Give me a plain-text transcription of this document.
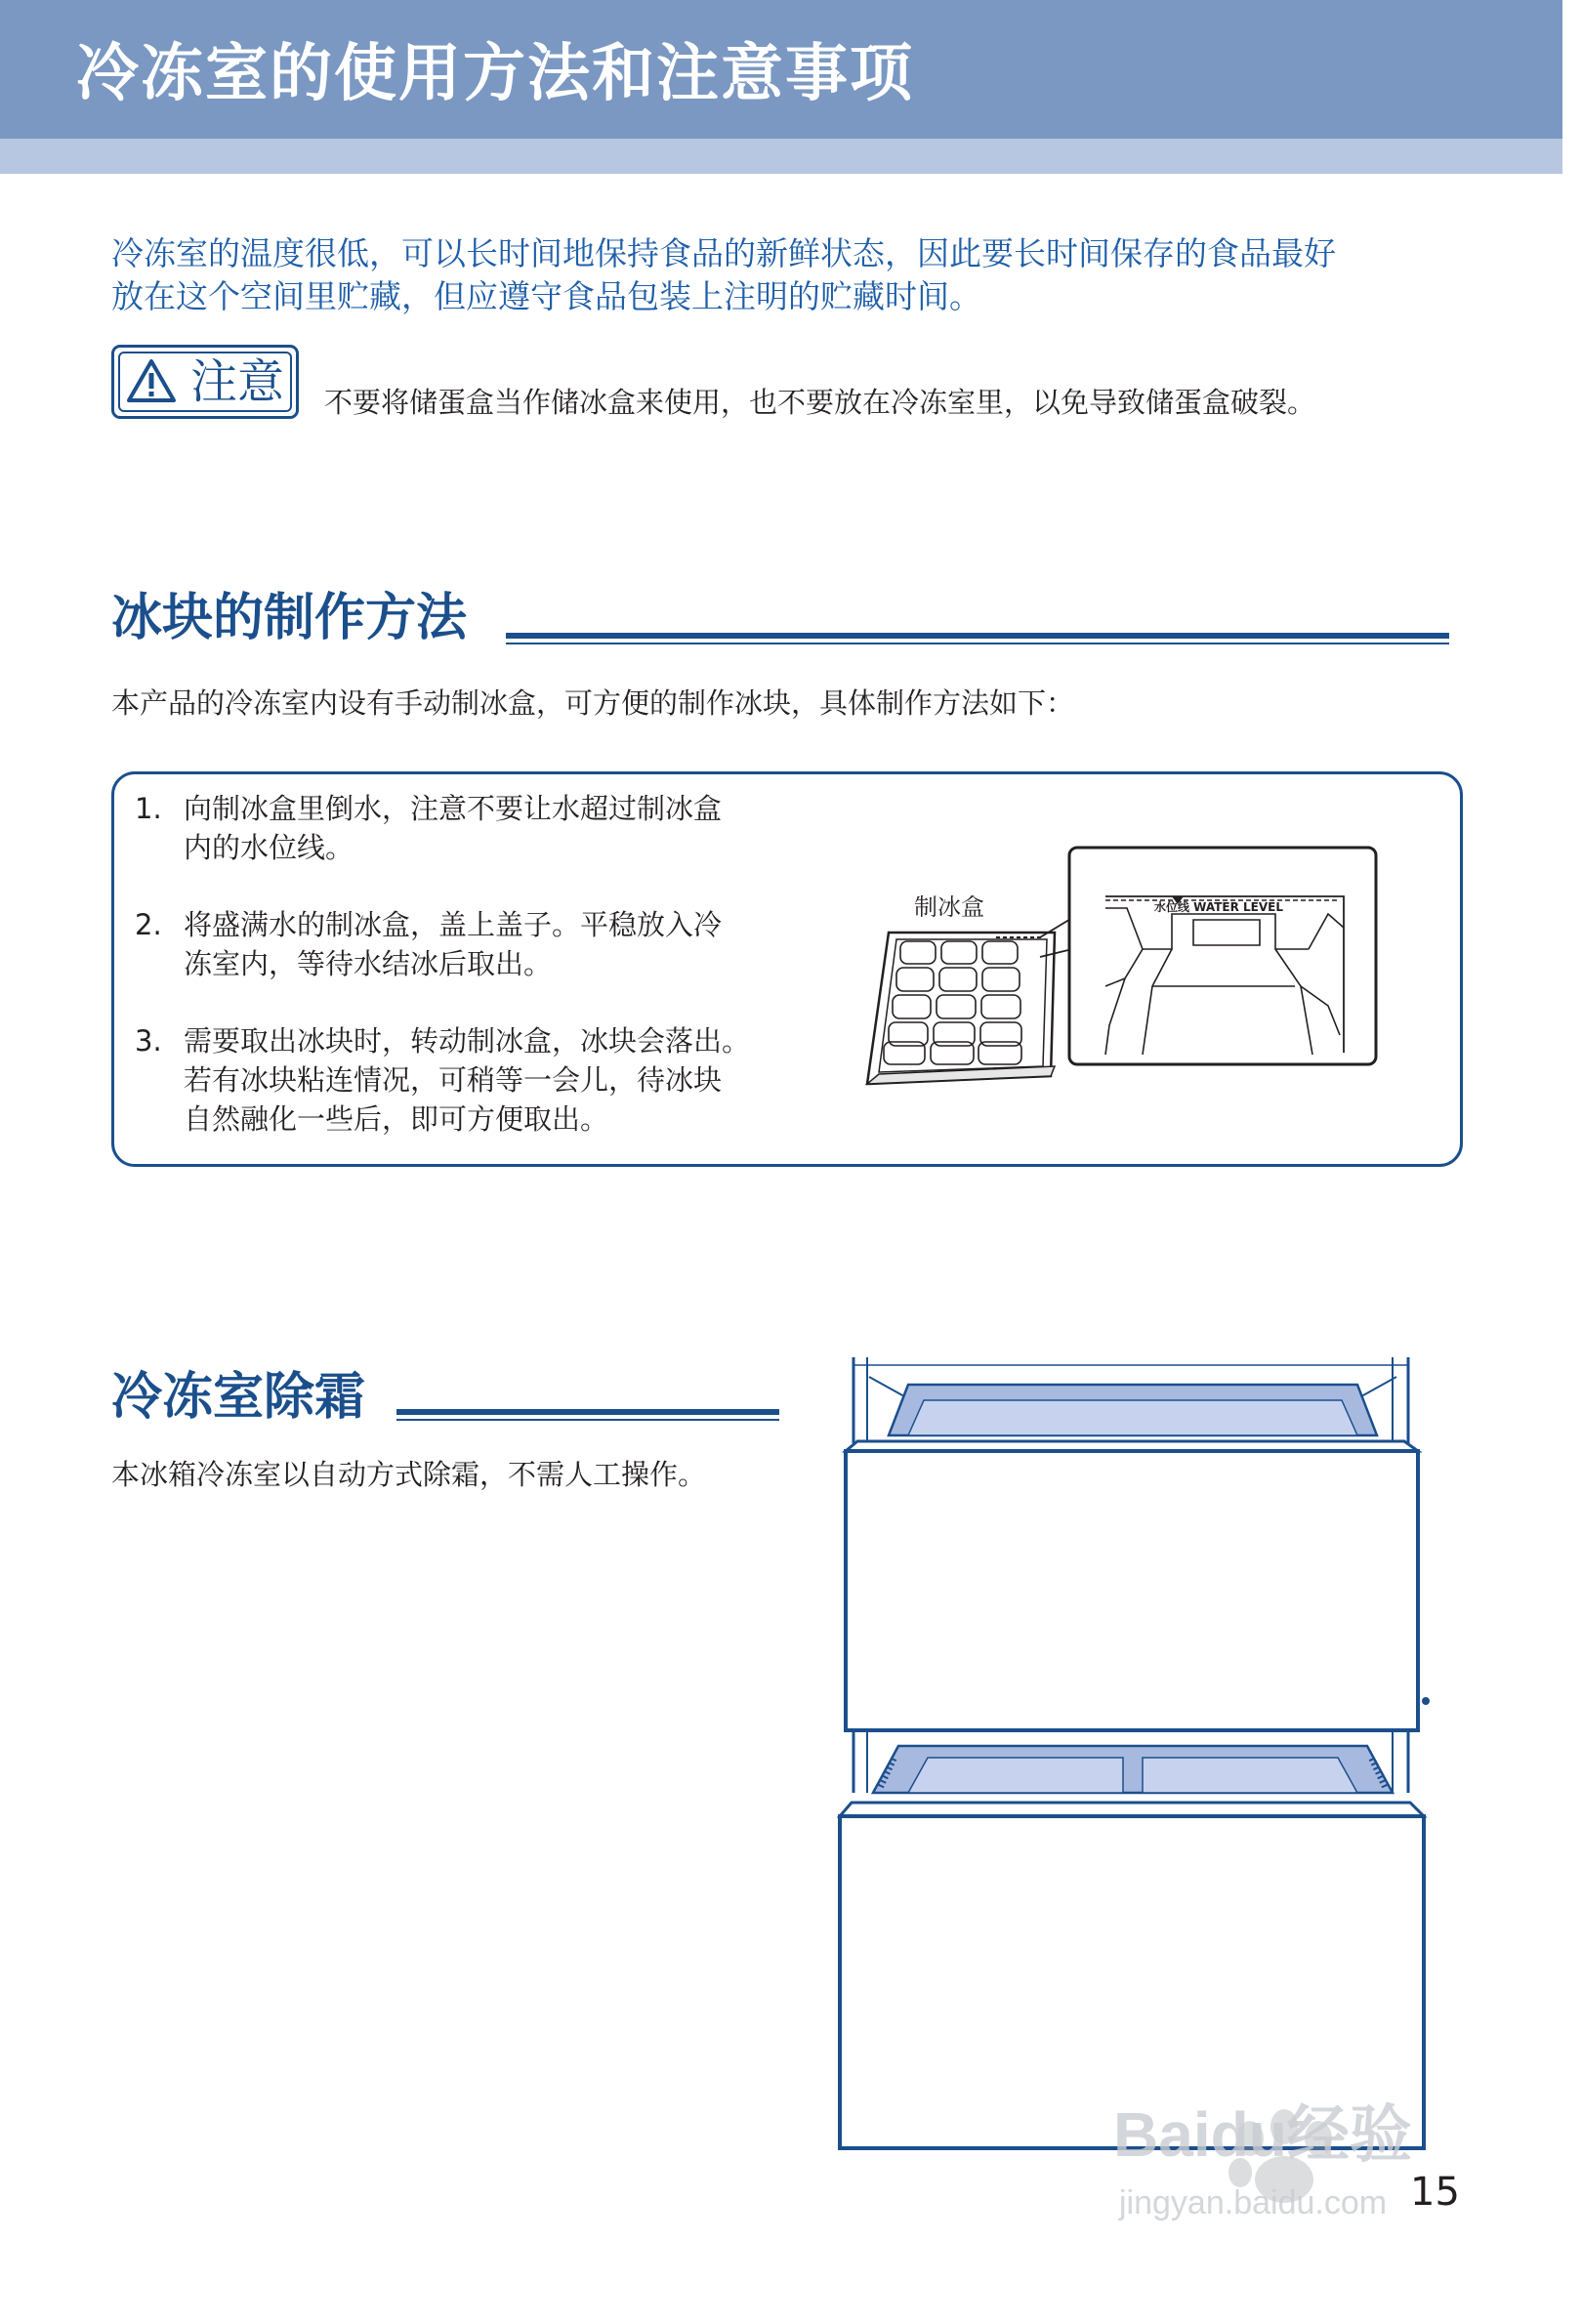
冷冻室的使用方法和注意事项
冷冻室的温度很低，可以长时间地保持食品的新鲜状态，因此要长时间保存的食品最好
放在这个空间里贮藏，但应遵守食品包装上注明的贮藏时间。
注意 不要将储蛋盒当作储冰盒来使用，也不要放在冷冻室里，以免导致储蛋盒破裂。
冰块的制作方法
本产品的冷冻室内设有手动制冰盒，可方便的制作冰块，具体制作方法如下：
1. 向制冰盒里倒水，注意不要让水超过制冰盒
内的水位线。
2. 将盛满水的制冰盒，盖上盖子。平稳放入冷
冻室内，等待水结冰后取出。
3. 需要取出冰块时，转动制冰盒，冰块会落出。
若有冰块粘连情况，可稍等一会儿，待冰块
自然融化一些后，即可方便取出。
制冰盒	水位线 WATER LEVEL
冷冻室除霜
本冰箱冷冻室以自动方式除霜，不需人工操作。
Baidu经验
jingyan.baidu.com 15
